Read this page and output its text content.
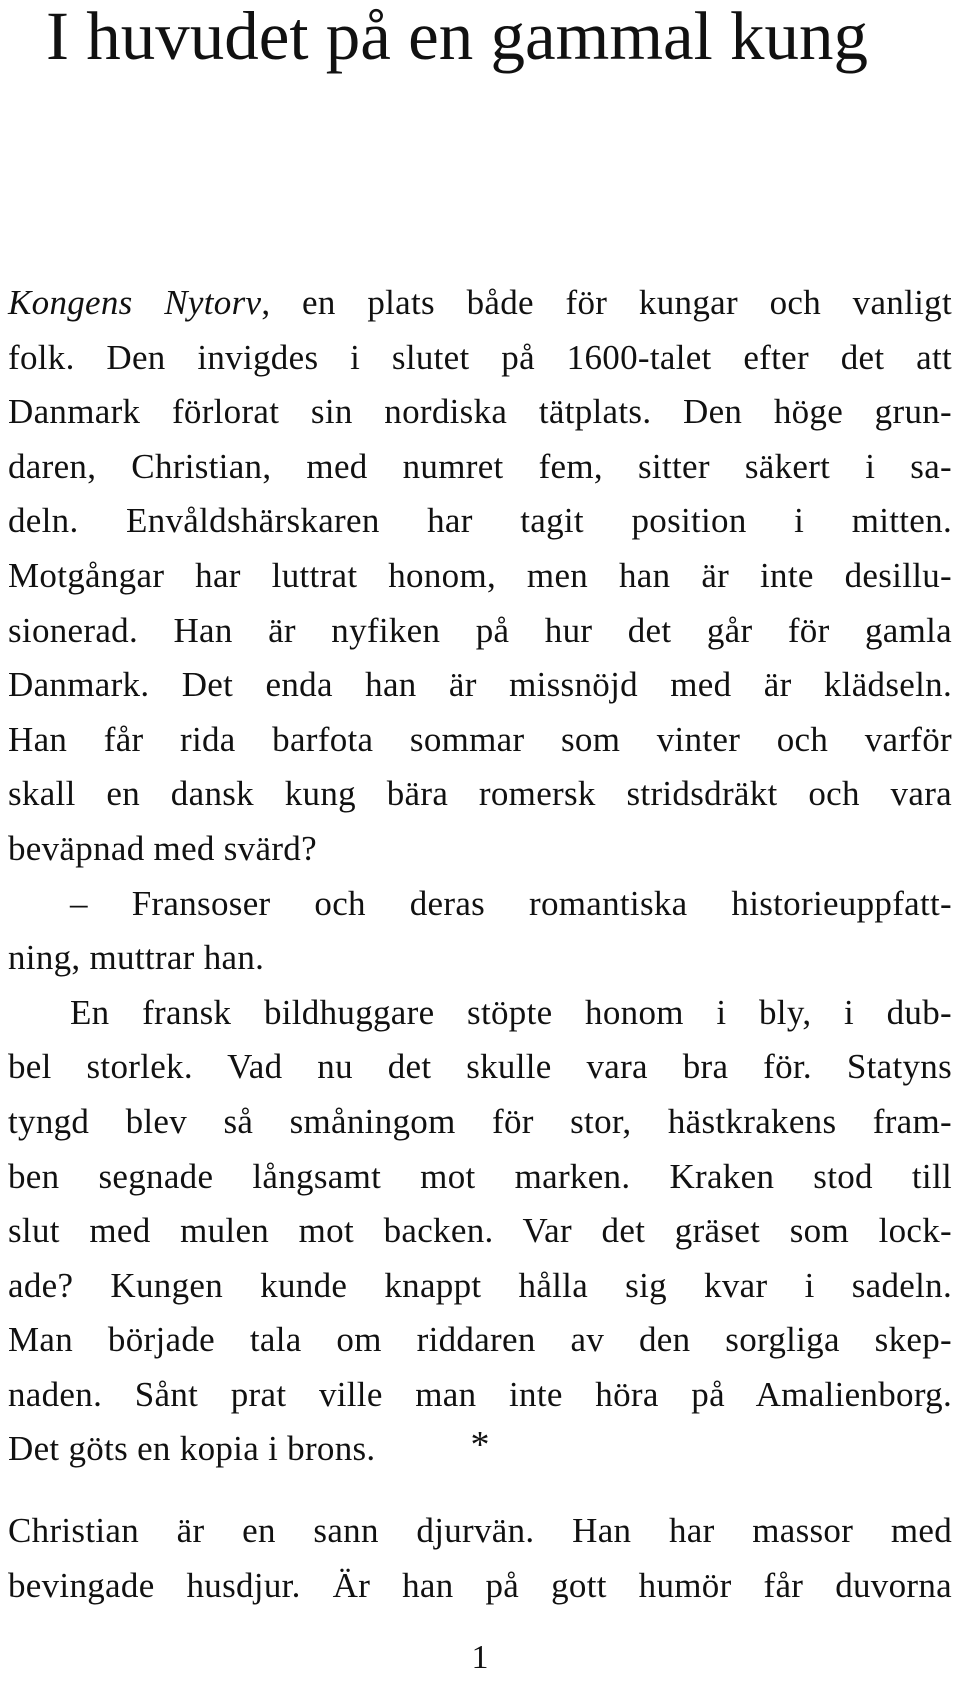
I huvudet på en gammal kung
Kongens Nytorv, en plats både för kungar och vanligt
folk. Den invigdes i slutet på 1600-talet efter det att
Danmark förlorat sin nordiska tätplats. Den höge grun-
daren, Christian, med numret fem, sitter säkert i sa-
deln. Envåldshärskaren har tagit position i mitten.
Motgångar har luttrat honom, men han är inte desillu-
sionerad. Han är nyfiken på hur det går för gamla
Danmark. Det enda han är missnöjd med är klädseln.
Han får rida barfota sommar som vinter och varför
skall en dansk kung bära romersk stridsdräkt och vara
beväpnad med svärd?
– Fransoser och deras romantiska historieuppfatt-
ning, muttrar han.
En fransk bildhuggare stöpte honom i bly, i dub-
bel storlek. Vad nu det skulle vara bra för. Statyns
tyngd blev så småningom för stor, hästkrakens fram-
ben segnade långsamt mot marken. Kraken stod till
slut med mulen mot backen. Var det gräset som lock-
ade? Kungen kunde knappt hålla sig kvar i sadeln.
Man började tala om riddaren av den sorgliga skep-
naden. Sånt prat ville man inte höra på Amalienborg.
Det göts en kopia i brons.	*
Christian är en sann djurvän. Han har massor med
bevingade husdjur. Är han på gott humör får duvorna
1
